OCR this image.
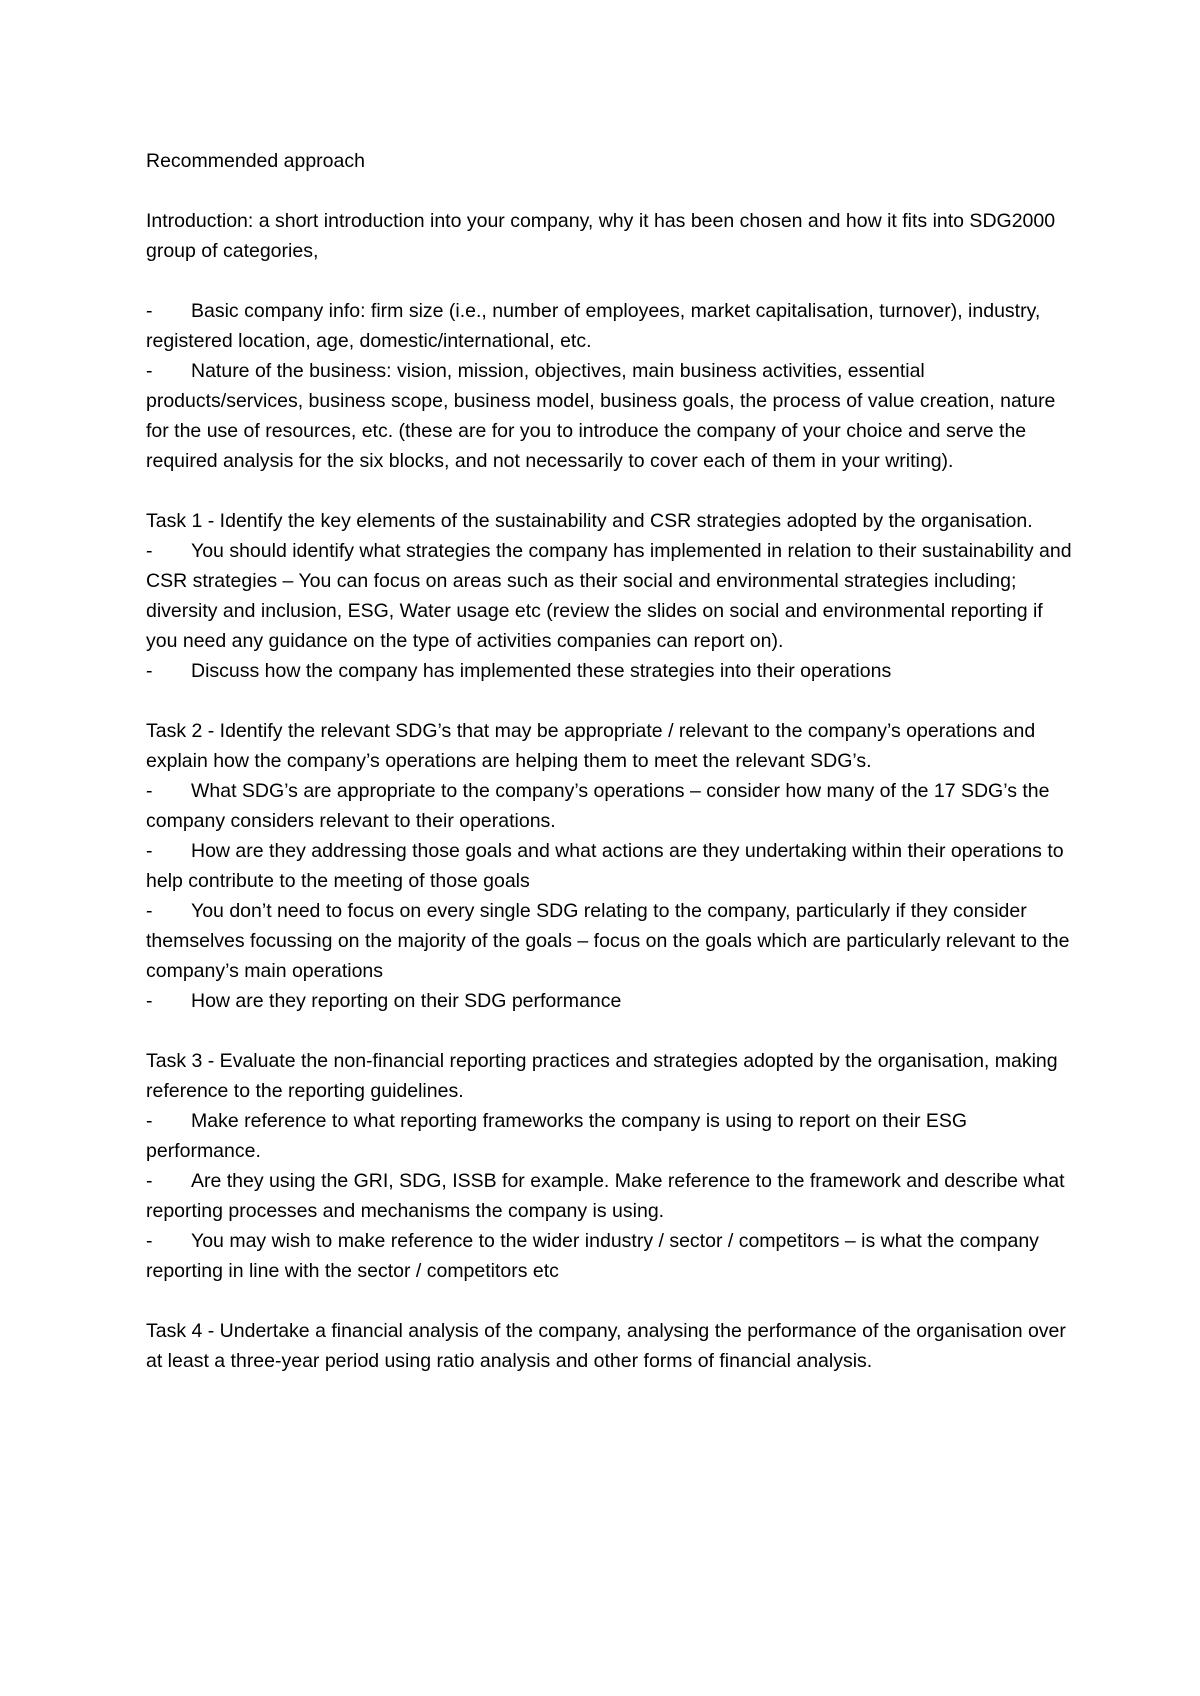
Recommended approach

Introduction: a short introduction into your company, why it has been chosen and how it fits into SDG2000 group of categories,

- Basic company info: firm size (i.e., number of employees, market capitalisation, turnover), industry, registered location, age, domestic/international, etc.

- Nature of the business: vision, mission, objectives, main business activities, essential products/services, business scope, business model, business goals, the process of value creation, nature for the use of resources, etc. (these are for you to introduce the company of your choice and serve the required analysis for the six blocks, and not necessarily to cover each of them in your writing).

Task 1 - Identify the key elements of the sustainability and CSR strategies adopted by the organisation.

- You should identify what strategies the company has implemented in relation to their sustainability and CSR strategies – You can focus on areas such as their social and environmental strategies including; diversity and inclusion, ESG, Water usage etc (review the slides on social and environmental reporting if you need any guidance on the type of activities companies can report on).

- Discuss how the company has implemented these strategies into their operations

Task 2 - Identify the relevant SDG’s that may be appropriate / relevant to the company’s operations and explain how the company’s operations are helping them to meet the relevant SDG’s.

- What SDG’s are appropriate to the company’s operations – consider how many of the 17 SDG’s the company considers relevant to their operations.

- How are they addressing those goals and what actions are they undertaking within their operations to help contribute to the meeting of those goals

- You don’t need to focus on every single SDG relating to the company, particularly if they consider themselves focussing on the majority of the goals – focus on the goals which are particularly relevant to the company’s main operations

- How are they reporting on their SDG performance

Task 3 - Evaluate the non-financial reporting practices and strategies adopted by the organisation, making reference to the reporting guidelines.

- Make reference to what reporting frameworks the company is using to report on their ESG performance.

- Are they using the GRI, SDG, ISSB for example. Make reference to the framework and describe what reporting processes and mechanisms the company is using.

- You may wish to make reference to the wider industry / sector / competitors – is what the company reporting in line with the sector / competitors etc

Task 4 - Undertake a financial analysis of the company, analysing the performance of the organisation over at least a three-year period using ratio analysis and other forms of financial analysis.
